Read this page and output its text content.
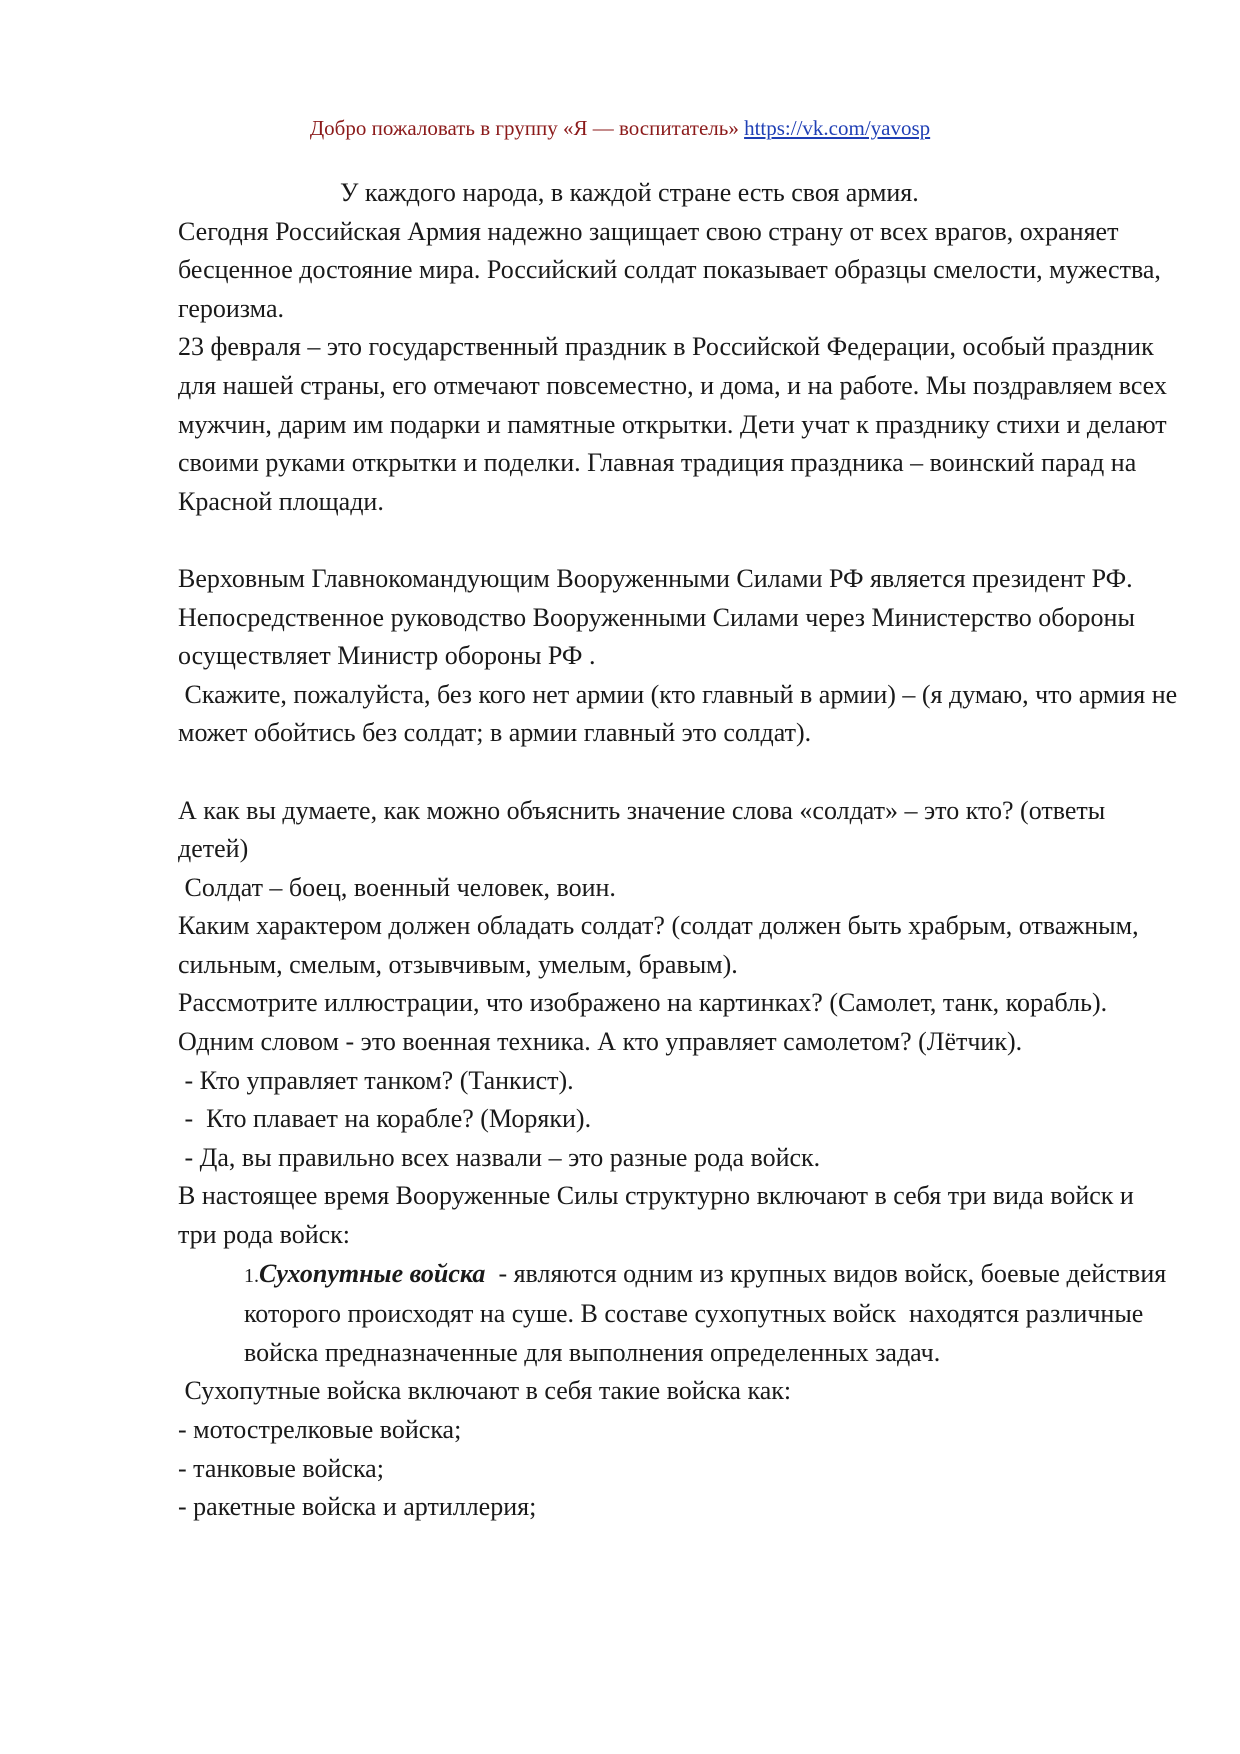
Добро пожаловать в группу «Я — воспитатель» https://vk.com/yavosp

У каждого народа, в каждой стране есть своя армия.

Сегодня Российская Армия надежно защищает свою страну от всех врагов, охраняет бесценное достояние мира. Российский солдат показывает образцы смелости, мужества, героизма.

23 февраля – это государственный праздник в Российской Федерации, особый праздник для нашей страны, его отмечают повсеместно, и дома, и на работе. Мы поздравляем всех мужчин, дарим им подарки и памятные открытки. Дети учат к празднику стихи и делают своими руками открытки и поделки. Главная традиция праздника – воинский парад на Красной площади.

Верховным Главнокомандующим Вооруженными Силами РФ является президент РФ.

Непосредственное руководство Вооруженными Силами через Министерство обороны осуществляет Министр обороны РФ .

Скажите, пожалуйста, без кого нет армии (кто главный в армии) – (я думаю, что армия не может обойтись без солдат; в армии главный это солдат).

А как вы думаете, как можно объяснить значение слова «солдат» – это кто? (ответы детей)

Солдат – боец, военный человек, воин.

Каким характером должен обладать солдат? (солдат должен быть храбрым, отважным, сильным, смелым, отзывчивым, умелым, бравым).

Рассмотрите иллюстрации, что изображено на картинках? (Самолет, танк, корабль).

Одним словом - это военная техника. А кто управляет самолетом? (Лётчик).

- Кто управляет танком? (Танкист).

-  Кто плавает на корабле? (Моряки).

- Да, вы правильно всех назвали – это разные рода войск.

В настоящее время Вооруженные Силы структурно включают в себя три вида войск и три рода войск:

1.Сухопутные войска  - являются одним из крупных видов войск, боевые действия которого происходят на суше. В составе сухопутных войск  находятся различные войска предназначенные для выполнения определенных задач.

Сухопутные войска включают в себя такие войска как:

- мотострелковые войска;

- танковые войска;

- ракетные войска и артиллерия;
